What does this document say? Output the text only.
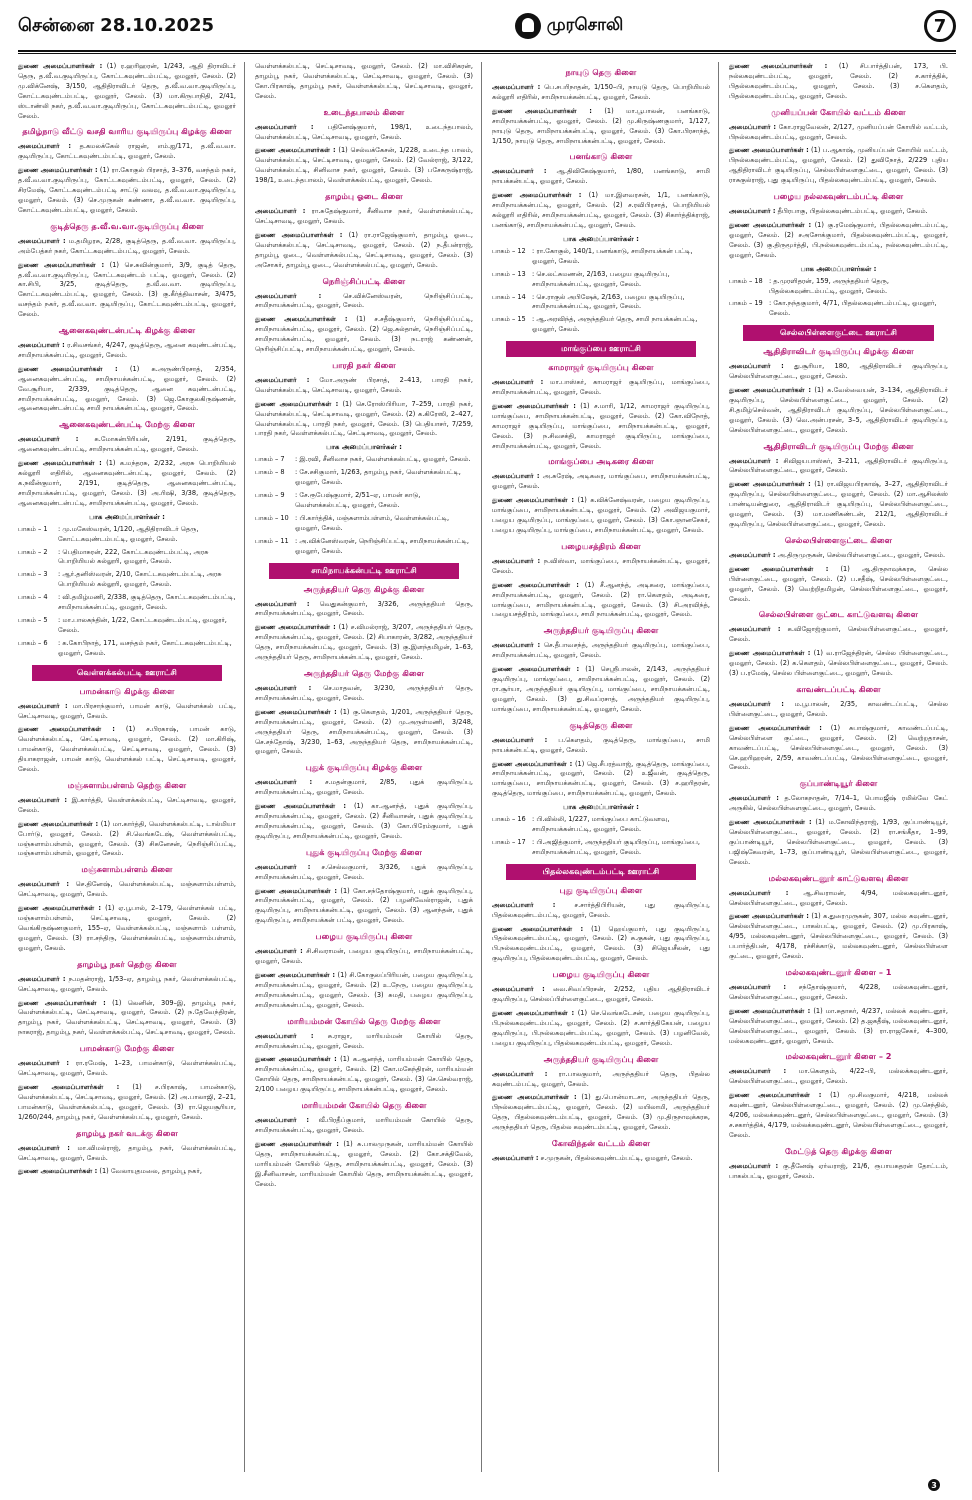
சென்னை 28.10.2025	முரசொலி	7

துணை அமைப்பாளர்கள் : (1) ர.ஹரிஹரன், 1/243, ஆதி திராவிடர் தெரு, த.வீ.வ.குடியிருப்பு, கோட்டகவுண்டம்பட்டி, ஓமலூர், சேலம். (2) மு.விக்னேஷ், 3/150, ஆதிதிராவிடர் தெரு, த.வீ.வ.வா.குடியிருப்பு, கோட்டகவுண்டம்பட்டி, ஓமலூர், சேலம். (3) மா.கிருபாநிதி, 2/41, ஸ்டாண்லி நகர், த.வீ.வ.வா.குடியிருப்பு, கோட்டகவுண்டம்பட்டி, ஓமலூர் சேலம்.

தமிழ்நாடு வீட்டு வசதி வாரிய குடியிருப்பு கிழக்கு கிளை

அமைப்பாளர் : த.கமலக்கேல் ராஜன், எம்.ஐ/171, த.வீ.வ.வா. குடியிருப்பு, கோட்டகவுண்டம்பட்டி, ஓமலூர், சேலம்.

துணை அமைப்பாளர்கள் : (1) ரா.கோகுல் பிரசாத், 3–376, வசந்தம் நகர், த.வீ.வ.வா.குடியிருப்பு, கோட்டகவுண்டம்பட்டி, ஓமலூர், சேலம். (2) சிரமேஷ், கோட்டகவுண்டம்பட்டி சாட்டு வலவு, த.வீ.வ.வா.குடியிருப்பு, ஓமலூர், சேலம். (3) செ.முருகன் கண்ணா, த.வீ.வ.வா. குடியிருப்பு, கோட்டகவுண்டம்பட்டி, ஓமலூர், சேலம்.

குடித்தெரு த.வீ.வ.வா.குடியிருப்பு கிளை

அமைப்பாளர் : ம.தமிழரசு, 2/28, குடித்தெரு, த.வீ.வ.வா. குடியிருப்பு, அம்பேத்கர் நகர், கோட்டகவுண்டம்பட்டி, ஓமலூர், சேலம்.

துணை அமைப்பாளர்கள் : (1) செ.சுவின்குமார், 3/9, குடித் தெரு, த.வீ.வ.வா.குடியிருப்பு, கோட்டகவுண்டம் பட்டி, ஓமலூர், சேலம். (2) கா.சிபி, 3/25, குடித்தெரு, த.வீ.வ.வா. குடியிருப்பு, கோட்டகவுண்டம்பட்டி, ஓமலூர், சேலம். (3) கு.கீர்த்திவாசன், 3/475, வசந்தம் நகர், த.வீ.வ.வா. குடியிருப்பு, கோட்டகவுண்டம்பட்டி, ஓமலூர், சேலம்.

ஆனைகவுண்டன்பட்டி கிழக்கு கிளை

அமைப்பாளர் : ர.சிவசங்கர், 4/247, குடித்தெரு, ஆனை கவுண்டன்பட்டி, சாமிநாயக்கன்பட்டி, ஓமலூர், சேலம்.

துணை அமைப்பாளர்கள் : (1) க.அருண்பிரசாத், 2/354, ஆனைகவுண்டன்பட்டி, சாமிநாயக்கன்பட்டி, ஓமலூர், சேலம். (2) வே.சூரியா, 2/339, குடித்தெரு, ஆனை கவுண்டன்பட்டி, சாமிநாயக்கன்பட்டி, ஓமலூர், சேலம். (3) ஜெ.கோகுலகிருஷ்ணன், ஆனைகவுண்டன்பட்டி சாமி நாயக்கன்பட்டி, ஓமலூர், சேலம்.

ஆனைகவுண்டன்பட்டி மேற்கு கிளை

அமைப்பாளர் : க.மோகன்பிரியன், 2/191, குடித்தெரு, ஆனைகவுண்டன்பட்டி, சாமிநாயக்கன்பட்டி, ஓமலூர், சேலம்.

துணை அமைப்பாளர்கள் : (1) க.மந்தரசு, 2/232, அரசு பொறியியல் கல்லூரி எதிரில், ஆனைகவுண்டன்பட்டி, ஓமலூர், சேலம். (2) க.நவீன்குமார், 2/191, குடித்தெரு, ஆனைகவுண்டன்பட்டி, சாமிநாயக்கன்பட்டி, ஓமலூர், சேலம். (3) அ.ரிஷி, 3/38, குடித்தெரு, ஆனைகவுண்டன்பட்டி, சாமிநாயக்கன்பட்டி, ஓமலூர், சேலம்.

பாக அமைப்பாளர்கள் :
பாகம் – 1	: மு.மகேஸ்வரன், 1/120, ஆதிதிராவிடர் தெரு, கோட்டகவுண்டம்பட்டி, ஓமலூர், சேலம்.
பாகம் – 2	: பெதிமாசுரன், 222, கோட்டகவுண்டம்பட்டி, அரசு பொறியியல் கல்லூரி, ஓமலூர், சேலம்.
பாகம் – 3	: ஆர்.தனிஸ்வரன், 2/10, கோட்டகவுண்டம்பட்டி, அரசு பொறியியல் கல்லூரி, ஓமலூர், சேலம்.
பாகம் – 4	: வி.தமிழ்மணி, 2/338, குடித்தெரு, கோட்டகவுண்டம்பட்டி, சாமிநாயக்கன்பட்டி, ஓமலூர், சேலம்.
பாகம் – 5	: மா.பாலசுந்தின், 1/22, கோட்டகவுண்டம்பட்டி, ஓமலூர், சேலம்.
பாகம் – 6	: க.கோபிநாத், 171, வசந்தம் நகர், கோட்டகவுண்டம்பட்டி, ஓமலூர், சேலம்.
வெள்ளக்கல்பட்டி ஊராட்சி
பாமன்காடு கிழக்கு கிளை

அமைப்பாளர் : மா.பிரசாந்குமார், பாமன் காடு, வெள்ளக்கல் பட்டி, செட்டிசாவடி, ஓமலூர், சேலம்.

துணை அமைப்பாளர்கள் : (1) ச.பிரகாஷ், பாமன் காடு, வெள்ளக்கல்பட்டி, செட்டிசாவடி, ஓமலூர், சேலம். (2) மா.கிரிஷ், பாமன்காடு, வெள்ளக்கல்பட்டி, செட்டிசாவடி, ஓமலூர், சேலம். (3) தியாகராஜன், பாமன் காடு, வெள்ளக்கல் பட்டி, செட்டிசாவடி, ஓமலூர், சேலம்.

மஞ்சுளாம்பள்ளம் தெற்கு கிளை

அமைப்பாளர் : இ.கார்த்தி, வெள்ளக்கல்பட்டி, செட்டிசாவடி, ஓமலூர், சேலம்.

துணை அமைப்பாளர்கள் : (1) மா.கார்த்தி, வெள்ளக்கல்பட்டி, டால்மியா போர்டு, ஓமலூர், சேலம். (2) சி.வெங்கடேஷ், வெள்ளக்கல்பட்டி, மஞ்சுளாம்பள்ளம், ஓமலூர், சேலம். (3) சிகனேசன், நெரிஞ்சிப்பட்டி, மஞ்சுளாம்பள்ளம், ஓமலூர், சேலம்.

மஞ்சுளாம்பள்ளம் கிளை

அமைப்பாளர் : செ.தினேஷ், வெள்ளக்கல்பட்டி, மஞ்சுளாம்பள்ளம், செட்டிசாவடி, ஓமலூர், சேலம்.

துணை அமைப்பாளர்கள் : (1) ஏ.பூபால், 2–179, வெள்ளக்கல் பட்டி, மஞ்சுளாம்பள்ளம், செட்டிசாவடி, ஓமலூர், சேலம். (2) வெங்கிருஷ்ணகுமார், 155–ஏ, வெள்ளக்கல்பட்டி, மஞ்சுளாம் பள்ளம், ஓமலூர், சேலம். (3) ரா.சந்திரு, வெள்ளக்கல்பட்டி, மஞ்சுளாம்பள்ளம், ஓமலூர், சேலம்.

தாழம்பூ நகர் தெற்கு கிளை

அமைப்பாளர் : ந.மதன்ராஜ், 1/53–ஏ, தாழம்பூ நகர், வெள்ளக்கல்பட்டி, செட்டிசாவடி, ஓமலூர், சேலம்.

துணை அமைப்பாளர்கள் : (1) லெனின், 309–இ, தாழம்பூ நகர், வெள்ளக்கல்பட்டி, செட்டிசாவடி, ஓமலூர், சேலம். (2) ந.தேவேந்திரன், தாழம்பூ நகர், வெள்ளக்கல்பட்டி, செட்டிசாவடி, ஓமலூர், சேலம். (3) நாகராஜ், தாழம்பூ நகர், வெள்ளக்கல்பட்டி, செட்டிசாவடி, ஓமலூர், சேலம்.

பாமன்காடு மேற்கு கிளை

அமைப்பாளர் : ரா.ரமேஷ், 1–23, பாமன்காடு, வெள்ளக்கல்பட்டி, செட்டிசாவடி, ஓமலூர், சேலம்.

துணை அமைப்பாளர்கள் : (1) ச.பிரகாஷ், பாமன்காடு, வெள்ளக்கல்பட்டி, செட்டிசாவடி, ஓமலூர், சேலம். (2) அ.பாலாஜி, 2–21, பாமன்காடு, வெள்ளக்கல்பட்டி, ஓமலூர், சேலம். (3) ரா.ஜெயசூரியா, 1/260/244, தாழம்பூ நகர், வெள்ளக்கல்பட்டி, ஓமலூர், சேலம்.

தாழம்பூ நகர் வடக்கு கிளை

அமைப்பாளர் : மா.விமல்ராஜ், தாழம்பூ நகர், வெள்ளக்கல்பட்டி, செட்டிசாவடி, ஓமலூர், சேலம்.

துணை அமைப்பாளர்கள் : (1) வேலாயுதமலை, தாழம்பூ நகர்,

வெள்ளக்கல்பட்டி, செட்டிசாவடி, ஓமலூர், சேலம். (2) மா.விசிகரன், தாழம்பூ நகர், வெள்ளக்கல்பட்டி, செட்டிசாவடி, ஓமலூர், சேலம். (3) கோ.பிரகாஷ், தாழம்பூ நகர், வெள்ளக்கல்பட்டி, செட்டிசாவடி, ஓமலூர், சேலம்.

உடைந்தபாலம் கிளை

அமைப்பாளர் : பதினேஷ்குமார், 198/1, உடைந்தபாலம், வெள்ளக்கல்பட்டி, செட்டிசாவடி, ஓமலூர், சேலம்.

துணை அமைப்பாளர்கள் : (1) செல்வக்கேசன், 1/228, உடைந்த பாலம், வெள்ளக்கல்பட்டி, செட்டிசாவடி, ஓமலூர், சேலம். (2) வேல்ராஜ், 3/122, வெள்ளக்கல்பட்டி, சினிவாச நகர், ஓமலூர், சேலம். (3) பசேகருஷ்ராஜ், 198/1, உடைந்தபாலம், வெள்ளக்கல்பட்டி, ஓமலூர், சேலம்.

தாழம்பு ஓடை கிளை

அமைப்பாளர் : ரா.சுதேஷ்குமார், சீனிவாச நகர், வெள்ளக்கல்பட்டி, செட்டிசாவடி, ஓமலூர், சேலம்.

துணை அமைப்பாளர்கள் : (1) ரா.ராஜேஷ்குமார், தாழம்பூ ஓடை, வெள்ளக்கல்பட்டி, செட்டிசாவடி, ஓமலூர், சேலம். (2) ந.தீபன்ராஜ், தாழம்பூ ஓடை, வெள்ளக்கல்பட்டி, செட்டிசாவடி, ஓமலூர், சேலம். (3) அசோகர், தாழம்பூ ஓடை, வெள்ளக்கல்பட்டி, ஓமலூர், சேலம்.

நெரிஞ்சிப்பட்டி கிளை

அமைப்பாளர் :	செ.விக்னேஸ்வரன், நெரிஞ்சிப்பட்டி, சாமிநாயக்கன்பட்டி, ஓமலூர், சேலம்.

துணை அமைப்பாளர்கள் : (1) ச.சதீஷ்குமார், நெரிஞ்சிப்பட்டி, சாமிநாயக்கன்பட்டி, ஓமலூர், சேலம். (2) ஜெ.சுல்தான், நெரிஞ்சிப்பட்டி, சாமிநாயக்கன்பட்டி, ஓமலூர், சேலம். (3) நடராஜ் கண்ணன், நெரிஞ்சிப்பட்டி, சாமிநாயக்கன்பட்டி, ஓமலூர், சேலம்.

பாரதி நகர் கிளை

அமைப்பாளர் : மோ.அருண் பிரசாத், 2–413, பாரதி நகர், வெள்ளக்கல்பட்டி, செட்டிசாவடி, ஓமலூர், சேலம்.

துணை அமைப்பாளர்கள் : (1) செ.ரோஸ்பிரியா, 7–259, பாரதி நகர், வெள்ளக்கல்பட்டி, செட்டிசாவடி, ஓமலூர், சேலம். (2) க.கிரேஸி, 2–427, வெள்ளக்கல்பட்டி, பாரதி நகர், ஓமலூர், சேலம். (3) பெதியாசர், 7/259, பாரதி நகர், வெள்ளக்கல்பட்டி, செட்டிசாவடி, ஓமலூர், சேலம்.

பாக அமைப்பாளர்கள் :
பாகம் – 7	: இ.ரவி, சீனிவாச நகர், வெள்ளக்கல்பட்டி, ஓமலூர், சேலம்.
பாகம் – 8	: சே.சசிகுமார், 1/263, தாழம்பூ நகர், வெள்ளக்கல்பட்டி, ஓமலூர், சேலம்.
பாகம் – 9	: சே.ரூபேஷ்குமார், 2/51–ஏ, பாமன் காடு, வெள்ளக்கல்பட்டி, ஓமலூர், சேலம்.
பாகம் – 10 : பி.கார்த்திக், மஞ்சுளாம்பள்ளம், வெள்ளக்கல்பட்டி, ஓமலூர், சேலம்.
பாகம் – 11 : அ.விக்னேஸ்வரன், நெரிஞ்சிப்பட்டி, சாமிநாயக்கன்பட்டி, ஓமலூர், சேலம்.
சாமிநாயக்கன்பட்டி ஊராட்சி
அருந்ததியர் தெரு கிழக்கு கிளை

அமைப்பாளர் : வெதுகன்குமார், 3/326, அருந்ததியர் தெரு, சாமிநாயக்கன்பட்டி, ஓமலூர், சேலம்.

துணை அமைப்பாளர்கள் : (1) ச.விமல்ராஜ், 3/207, அருந்ததியர் தெரு, சாமிநாயக்கன்பட்டி, ஓமலூர், சேலம். (2) சிபாகாரன், 3/282, அருந்ததியர் தெரு, சாமிநாயக்கன்பட்டி, ஓமலூர், சேலம். (3) கு.இளந்தமிழன், 1–63, அருந்ததியர் தெரு, சாமிநாயக்கன்பட்டி, ஓமலூர், சேலம்.

அருந்ததியர் தெரு மேற்கு கிளை

அமைப்பாளர் : செ.மாதவன், 3/230, அருந்ததியர் தெரு, சாமிநாயக்கன்பட்டி, ஓமலூர், சேலம்.

துணை அமைப்பாளர்கள் : (1) கு.கௌதம், 1/201, அருந்ததியர் தெரு, சாமிநாயக்கன்பட்டி, ஓமலூர், சேலம். (2) மு.அருள்மணி, 3/248, அருந்ததியர் தெரு, சாமிநாயக்கன்பட்டி, ஓமலூர், சேலம். (3) செ.சந்தோஷ், 3/230, 1–63, அருந்ததியர் தெரு, சாமிநாயக்கன்பட்டி, ஓமலூர், சேலம்.

புதுக் குடியிருப்பு கிழக்கு கிளை

அமைப்பாளர் : ச.மதன்குமார், 2/85, புதுக் குடியிருப்பு, சாமிநாயக்கன்பட்டி, ஓமலூர், சேலம்.

துணை அமைப்பாளர்கள் : (1) கா.ஆனந்த், புதுக் குடியிருப்பு, சாமிநாயக்கன்பட்டி, ஓமலூர், சேலம். (2) சீனிவாசன், புதுக் குடியிருப்பு, சாமிநாயக்கன்பட்டி, ஓமலூர், சேலம். (3) கோ.பிரேம்குமார், புதுக் குடியிருப்பு, சாமிநாயக்கன்பட்டி, ஓமலூர், சேலம்.

புதுக் குடியிருப்பு மேற்கு கிளை

அமைப்பாளர் : ச.செல்வகுமார், 3/326, புதுக் குடியிருப்பு, சாமிநாயக்கன்பட்டி, ஓமலூர், சேலம்.

துணை அமைப்பாளர்கள் : (1) கோ.சந்தோஷ்குமார், புதுக் குடியிருப்பு, சாமிநாயக்கன்பட்டி, ஓமலூர், சேலம். (2) பழனிவேல்ராஜன், புதுக் குடியிருப்பு, சாமிநாயக்கன்பட்டி, ஓமலூர், சேலம். (3) ஆனந்தன், புதுக் குடியிருப்பு, சாமிநாயக்கன் பட்டி, ஓமலூர், சேலம்.

பழைய குடியிருப்பு கிளை

அமைப்பாளர் : சி.சிவராமன், பழைய குடியிருப்பு, சாமிநாயக்கன்பட்டி, ஓமலூர், சேலம்.

துணை அமைப்பாளர்கள் : (1) சி.கோகுலப்பிரியன், பழைய குடியிருப்பு, சாமிநாயக்கன்பட்டி, ஓமலூர், சேலம். (2) உ.நேரு, பழைய குடியிருப்பு, சாமிநாயக்கன்பட்டி, ஓமலூர், சேலம். (3) சுமதி, பழைய குடியிருப்பு, சாமிநாயக்கன்பட்டி, ஓமலூர், சேலம்.

மாரியம்மன் கோயில் தெரு மேற்கு கிளை

அமைப்பாளர் : சு.ராஜா, மாரியம்மன் கோயில் தெரு, சாமிநாயக்கன்பட்டி, ஓமலூர், சேலம்.

துணை அமைப்பாளர்கள் : (1) க.ஆனந்த், மாரியம்மன் கோயில் தெரு, சாமிநாயக்கன்பட்டி, ஓமலூர், சேலம். (2) கோ.மகேந்திரன், மாரியம்மன் கோயில் தெரு, சாமிநாயக்கன்பட்டி, ஓமலூர், சேலம். (3) செ.செல்வராஜ், 2/100 பழைய குடியிருப்பு, சாமிநாயக்கன்பட்டி, ஓமலூர், சேலம்.

மாரியம்மன் கோயில் தெரு கிளை

அமைப்பாளர் : வீ.பிரதீப்குமார், மாரியம்மன் கோயில் தெரு, சாமிநாயக்கன்பட்டி, ஓமலூர், சேலம்.

துணை அமைப்பாளர்கள் : (1) சு.பாலமுருகன், மாரியம்மன் கோயில் தெரு, சாமிநாயக்கன்பட்டி, ஓமலூர், சேலம். (2) கோ.சக்திவேல், மாரியம்மன் கோயில் தெரு, சாமிநாயக்கன்பட்டி, ஓமலூர், சேலம். (3) இ.சீனிவாசன், மாரியம்மன் கோயில் தெரு, சாமிநாயக்கன்பட்டி, ஓமலூர், சேலம்.

நாயுடு தெரு கிளை

அமைப்பாளர் : பெ.சபரிநாதன், 1/150–பி, நாயுடு தெரு, பொறியியல் கல்லூரி எதிரில், சாமிநாயக்கன்பட்டி, ஓமலூர், சேலம்.

துணை அமைப்பாளர்கள் : (1) மா.பூபாலன், பனங்காடு, சாமிநாயக்கன்பட்டி, ஓமலூர், சேலம். (2) மு.கிருஷ்ணகுமார், 1/127, நாயுடு தெரு, சாமிநாயக்கன்பட்டி, ஓமலூர், சேலம். (3) கோ.பிரசாந்த், 1/150, நாயுடு தெரு, சாமிநாயக்கன்பட்டி, ஓமலூர், சேலம்.

பனங்காடு கிளை

அமைப்பாளர் : ஆ.திவிகேஷ்குமார், 1/80, பனங்காடு, சாமி நாயக்கன்பட்டி, ஓமலூர், சேலம்.

துணை அமைப்பாளர்கள் : (1) மா.இளவரசன், 1/1, பனங்காடு, சாமிநாயக்கன்பட்டி, ஓமலூர், சேலம். (2) ச.ரவிபிரசாத், பொறியியல் கல்லூரி எதிரில், சாமிநாயக்கன்பட்டி, ஓமலூர், சேலம். (3) சிகார்த்திக்ராஜ், பனங்காடு, சாமிநாயக்கன்பட்டி, ஓமலூர், சேலம்.

பாக அமைப்பாளர்கள் :
பாகம் – 12 : ரா.கோகுல், 140/1, பனங்காடு, சாமிநாயக்கன் பட்டி, ஓமலூர், சேலம்.
பாகம் – 13 : செ.லட்சுமணன், 2/163, பழைய குடியிருப்பு, சாமிநாயக்கன்பட்டி, ஓமலூர், சேலம்.
பாகம் – 14 : செ.ராகுல் அபிஷேக், 2/163, பழைய குடியிருப்பு, சாமிநாயக்கன்பட்டி, ஓமலூர், சேலம்.
பாகம் – 15 : ஆ.அரவிந்த், அருந்ததியர் தெரு, சாமி நாயக்கன்பட்டி, ஓமலூர், சேலம்.
மாங்குப்பை ஊராட்சி
காமராஜர் குடியிருப்பு கிளை

அமைப்பாளர் : மா.பாஸ்கர், காமராஜர் குடியிருப்பு, மாங்குப்பை, சாமிநாயக்கன்பட்டி, ஓமலூர், சேலம்.

துணை அமைப்பாளர்கள் : (1) ச.மாரி, 1/12, காமராஜர் குடியிருப்பு, மாங்குப்பை, சாமிநாயக்கன்பட்டி, ஓமலூர், சேலம். (2) கோ.விநோத், காமராஜர் குடியிருப்பு, மாங்குப்பை, சாமிநாயக்கன்பட்டி, ஓமலூர், சேலம். (3) ந.சிவசக்தி, காமராஜர் குடியிருப்பு, மாங்குப்பை, சாமிநாயக்கன்பட்டி, ஓமலூர், சேலம்.

மாங்குப்பை அடிகரை கிளை

அமைப்பாளர் : அ.சுரேஷ், அடிகரை, மாங்குப்பை, சாமிநாயக்கன்பட்டி, ஓமலூர், சேலம்.

துணை அமைப்பாளர்கள் : (1) க.விக்னேஷ்வரன், பழைய குடியிருப்பு, மாங்குப்பை, சாமிநாயக்கன்பட்டி, ஓமலூர், சேலம். (2) அவிஜயகுமார், பழைய குடியிருப்பு, மாங்குப்பை, ஓமலூர், சேலம். (3) கோ.ஞானசேகர், பழைய குடியிருப்பு, மாங்குப்பை, சாமிநாயக்கன்பட்டி, ஓமலூர், சேலம்.

பழையசத்திரம் கிளை

அமைப்பாளர் : ந.விஸ்வா, மாங்குப்பை, சாமிநாயக்கன்பட்டி, ஓமலூர், சேலம்.

துணை அமைப்பாளர்கள் : (1) சீ.ஆனந்த், அடிகரை, மாங்குப்பை, சாமிநாயக்கன்பட்டி, ஓமலூர், சேலம். (2) ரா.கௌதம், அடிகரை, மாங்குப்பை, சாமிநாயக்கன்பட்டி, ஓமலூர், சேலம். (3) சி.அரவிந்த், பழையசத்திரம், மாங்குப்பை, சாமி நாயக்கன்பட்டி, ஓமலூர், சேலம்.

அருந்ததியர் குடியிருப்பு கிளை

அமைப்பாளர் : செ.தீபாவசந்த், அருந்ததியர் குடியிருப்பு, மாங்குப்பை, சாமிநாயக்கன்பட்டி, ஓமலூர், சேலம்.

துணை அமைப்பாளர்கள் : (1) செஸ்ரீபாலன், 2/143, அருந்ததியர் குடியிருப்பு, மாங்குப்பை, சாமிநாயக்கன்பட்டி, ஓமலூர், சேலம். (2) ரா.சூர்யா, அருந்ததியர் குடியிருப்பு, மாங்குப்பை, சாமிநாயக்கன்பட்டி, ஓமலூர், சேலம். (3) து.சிவப்ரசாத், அருந்ததியர் குடியிருப்பு, மாங்குப்பை, சாமிநாயக்கன்பட்டி, ஓமலூர், சேலம்.

குடித்தெரு கிளை

அமைப்பாளர் : ப.கௌதம், குடித்தெரு, மாங்குப்பை, சாமி நாயக்கன்பட்டி, ஓமலூர், சேலம்.

துணை அமைப்பாளர்கள் : (1) ஜெ.சீபரத்வாஜ், குடித்தெரு, மாங்குப்பை, சாமிநாயக்கன்பட்டி, ஓமலூர், சேலம். (2) உஜீவன், குடித்தெரு, மாங்குப்பை, சாமிநாயக்கன்பட்டி, ஓமலூர், சேலம். (3) ச.ஹரிதரன், குடித்தெரு, மாங்குப்பை, சாமிநாயக்கன்பட்டி, ஓமலூர், சேலம்.

பாக அமைப்பாளர்கள் :
பாகம் – 16 : பி.வில்லி, 1/227, மாங்குப்பை காட்டுவளவு, சாமிநாயக்கன்பட்டி, ஓமலூர், சேலம்.
பாகம் – 17 : பி.அஜித்குமார், அருந்ததியர் குடியிருப்பு, மாங்குப்பை, சாமிநாயக்கன்பட்டி, ஓமலூர், சேலம்.
பிதல்லகவுண்டம்பட்டி ஊராட்சி
புது குடியிருப்பு கிளை

அமைப்பாளர் :	ச.சார்த்திபிரியன், புது குடியிருப்பு, பிதல்லகவுண்டம்பட்டி, ஓமலூர், சேலம்.

துணை அமைப்பாளர்கள் : (1) ஹெய்குமார், புது குடியிருப்பு, பிதல்லகவுண்டம்பட்டி, ஓமலூர், சேலம். (2) சு.குகன், புது குடியிருப்பு, பி.நல்லகவுண்டம்பட்டி, ஓமலூர், சேலம். (3) சிஜெயசீலன், புது குடியிருப்பு, பிதல்லகவுண்டம்பட்டி, ஓமலூர், சேலம்.

பழைய குடியிருப்பு கிளை

அமைப்பாளர் : வை.சிவப்பிரசன், 2/252, புதிய ஆதிதிராவிடர் குடியிருப்பு, செல்லப்பிள்ளைகுட்டை, ஓமலூர், சேலம்.

துணை அமைப்பாளர்கள் : (1) செ.வெங்கடேசன், பழைய குடியிருப்பு, பி.நல்லகவுண்டம்பட்டி, ஓமலூர், சேலம். (2) ச.கார்த்திகேயன், பழைய குடியிருப்பு, பி.நல்லகவுண்டம்பட்டி, ஓமலூர், சேலம். (3) பழனிவேல், பழைய குடியிருப்பு, பிதல்லகவுண்டம்பட்டி, ஓமலூர், சேலம்.

அருந்ததியர் குடியிருப்பு கிளை

அமைப்பாளர் : ரா.பாலகுமார், அருந்ததியர் தெரு, பிதல்ல கவுண்டம்பட்டி, ஓமலூர், சேலம்.

துணை அமைப்பாளர்கள் : (1) து.பொன்மாடசா, அருந்ததியர் தெரு, பிநல்லகவுண்டம்பட்டி, ஓமலூர், சேலம். (2) மயிலாமி, அருந்ததியர் தெரு, பிதல்லகவுண்டம்பட்டி, ஓமலூர், சேலம். (3) மு.திருநாவுக்கரசு, அருந்ததியர் தெரு, பிதல்ல கவுண்டம்பட்டி, ஓமலூர், சேலம்.

கோவிந்தன் வட்டம் கிளை

அமைப்பாளர் : ச.முருகன், பிதல்லகவுண்டம்பட்டி, ஓமலூர், சேலம்.

துணை அமைப்பாளர்கள் : (1) சி.பார்த்திபன், 173, பி. நல்லகவுண்டம்பட்டி, ஓமலூர், சேலம். (2) ச.கார்த்திக், பிதல்லகவுண்டம்பட்டி, ஓமலூர், சேலம். (3) ச.கௌதம், பிதல்லகவுண்டம்பட்டி, ஓமலூர், சேலம்.

முனியப்பன் கோயில் வட்டம் கிளை

அமைப்பாளர் : கோ.ராஜவேலன், 2/127, முனியப்பன் கோயில் வட்டம், பிநல்லகவுண்டம்பட்டி, ஓமலூர், சேலம்.

துணை அமைப்பாளர்கள் : (1) ப.ஆகாஷ், முனியப்பன் கோயில் வட்டம், பிநல்லகவுண்டம்பட்டி, ஓமலூர், சேலம். (2) துவிநோத், 2/229 புதிய ஆதிதிராவிடர் குடியிருப்பு, செல்லபிள்ளைகுட்டை, ஓமலூர், சேலம். (3) ராசுகுல்ராஜ், புது குடியிருப்பு, பிதல்லகவுண்டம்பட்டி, ஓமலூர், சேலம்.

பழைய நல்லகவுண்டம்பட்டி கிளை

அமைப்பாளர் : தீபிரபாகு, பிதல்லகவுண்டம்பட்டி, ஓமலூர், சேலம்.

துணை அமைப்பாளர்கள் : (1) கு.ரமேஷ்குமார், பிதல்லகவுண்டம்பட்டி, ஓமலூர், சேலம். (2) சஅசோக்குமார், பிதல்லகவுண்டம்பட்டி, ஓமலூர், சேலம். (3) கு.திருமூர்த்தி, பி.நல்லகவுண்டம்பட்டி, நல்லகவுண்டம்பட்டி, ஓமலூர், சேலம்.

பாக அமைப்பாளர்கள் :
பாகம் – 18 : த.முரளிதரன், 159, அருந்ததியர் தெரு, பிதல்லகவுண்டம்பட்டி, ஓமலூர், சேலம்.
பாகம் – 19 : கோ.நந்தகுமார், 4/71, பிதல்லகவுண்டம்பட்டி, ஓமலூர், சேலம்.
செல்லபிள்ளைகுட்டை ஊராட்சி
ஆதிதிராவிடர் குடியிருப்பு கிழக்கு கிளை

அமைப்பாளர் : து.சூரியா, 180, ஆதிதிராவிடர் குடியிருப்பு, செல்லபிள்ளைகுட்டை, ஓமலூர், சேலம்.

துணை அமைப்பாளர்கள் : (1) சு.வேல்வையன், 3–134, ஆதிதிராவிடர் குடியிருப்பு, செல்லபிள்ளைகுட்டை, ஓமலூர், சேலம். (2) சி.தமிழ்செல்வன், ஆதிதிராவிடர் குடியிருப்பு, செல்லபிள்ளைகுட்டை, ஓமலூர், சேலம். (3) வெ.அன்பரசன், 3–5, ஆதிதிராவிடர் குடியிருப்பு, செல்லபிள்ளைகுட்டை, ஓமலூர், சேலம்.

ஆதிதிராவிடர் குடியிருப்பு மேற்கு கிளை

அமைப்பாளர் : சிவிஜயபாஸ்கர், 3–211, ஆதிதிராவிடர் குடியிருப்பு, செல்லபிள்ளைகுட்டை, ஓமலூர், சேலம்.

துணை அமைப்பாளர்கள் : (1) ரா.விஜயபிரகாஷ், 3–27, ஆதிதிராவிடர் குடியிருப்பு, செல்லபிள்ளைகுட்டை, ஓமலூர், சேலம். (2) மா.ஆசிலக்ஸ் பாண்டியன்துரை, ஆதிதிராவிடர் குடியிருப்பு, செல்லபிள்ளைகுட்டை, ஓமலூர், சேலம். (3) மா.மணிகண்டன், 212/1, ஆதிதிராவிடர் குடியிருப்பு, செல்லபிள்ளைகுட்டை, ஓமலூர், சேலம்.

செல்லபிள்ளைகுட்டை கிளை

அமைப்பாளர் : அ.திருமுருகன், செல்லபிள்ளைகுட்டை, ஓமலூர், சேலம்.

துணை அமைப்பாளர்கள் : (1) ஆ.திருநாவுக்கரசு, செல்ல பிள்ளைகுட்டை, ஓமலூர், சேலம். (2) ப.சதீஷ், செல்லபிள்ளைகுட்டை, ஓமலூர், சேலம். (3) வெற்றிதமிழன், செல்லபிள்ளைகுட்டை, ஓமலூர், சேலம்.

செல்லபிள்ளை குட்டை காட்டுவளவு கிளை

அமைப்பாளர் : க.விஜோஜ்குமார், செல்லபிள்ளைகுட்டை, ஓமலூர், சேலம்.

துணை அமைப்பாளர்கள் : (1) வ.ராஜேந்திரன், செல்ல பிள்ளைகுட்டை, ஓமலூர், சேலம். (2) க.கௌதம், செல்லபிள்ளைகுட்டை, ஓமலூர், சேலம். (3) ப.ரமேஷ், செல்ல பிள்ளைகுட்டை, ஓமலூர், சேலம்.

காவண்டப்பட்டி கிளை

அமைப்பாளர் : ம.பூபாலன், 2/35, காவண்டப்பட்டி, செல்ல பிள்ளைகுட்டை, ஓமலூர், சேலம்.

துணை அமைப்பாளர்கள் : (1) சுபாஷ்குமார், காவண்டப்பட்டி, செல்லபிள்ளை குட்டை, ஓமலூர், சேலம். (2) வெற்றதாசன், காவண்டப்பட்டி, செல்லபிள்ளைகுட்டை, ஓமலூர், சேலம். (3) செ.ஹரிஹரன், 2/59, காவண்டப்பட்டி, செல்லபிள்ளைகுட்டை, ஓமலூர், சேலம்.

குப்பாண்டியூர் கிளை

அமைப்பாளர் : த.லோகநாதன், 7/14–1, பொமஜீஷ் ரமில்வே கேட் அருகில், செல்லபிள்ளைகுட்டை, ஓமலூர், சேலம்.

துணை அமைப்பாளர்கள் : (1) ம.கோவிந்தராஜ், 1/93, குப்பாண்டியூர், செல்லபிள்ளைகுட்டை, ஓமலூர், சேலம். (2) ரா.சங்கீதா, 1–99, குப்பாண்டியூர், செல்லபிள்ளைகுட்டை, ஓமலூர், சேலம். (3) பஜிஷ்கேவரன், 1–73, குப்பாண்டியூர், செல்லபிள்ளைகுட்டை, ஓமலூர், சேலம்.

மல்லகவுண்டனூர் காட்டுவளவு கிளை

அமைப்பாளர் : ஆ.சிவராமன், 4/94, மல்லகவுண்டனூர், செல்லபிள்ளைகுட்டை, ஓமலூர், சேலம்.

துணை அமைப்பாளர்கள் : (1) க.துரைமுருகன், 307, மல்ல கவுண்டனூர், செல்லபிள்ளைகுட்டை, பாகல்பட்டி, ஓமலூர், சேலம். (2) மு.பிரகாஷ், 4/95, மல்லகவுண்டனூர், செல்லபிள்ளைகுட்டை, ஓமலூர், சேலம். (3) பபார்த்திபன், 4/178, ரச்சிக்காடு, மல்லகவுண்டனூர், செல்லபிள்ளை குட்டை, ஓமலூர், சேலம்.

மல்லகவுண்டனூர் கிளை – 1

அமைப்பாளர் : சந்தோஷ்குமார், 4/228, மல்லகவுண்டனூர், செல்லபிள்ளைகுட்டை, ஓமலூர், சேலம்.

துணை அமைப்பாளர்கள் : (1) மா.சுதாகர், 4/237, மல்லக் கவுண்டனூர், செல்லபிள்ளைகுட்டை, ஓமலூர், சேலம். (2) த.ஜகதீஷ், மல்லகவுண்டனூர், செல்லபிள்ளைகுட்டை, ஓமலூர், சேலம். (3) ரா.ராஜசேகர், 4–300, மல்லகவுண்டனூர், ஓமலூர், சேலம்.

மல்லகவுண்டனூர் கிளை – 2

அமைப்பாளர் : மா.கௌதம், 4/22–பி, மல்லக்கவுண்டனூர், செல்லபிள்ளைகுட்டை, ஓமலூர், சேலம்.

துணை அமைப்பாளர்கள் : (1) மு.சிவகுமார், 4/218, மல்லக் கவுண்டனூர், செல்லபிள்ளைகுட்டை, ஓமலூர், சேலம். (2) மு.செந்தில், 4/206, மல்லக்கவுண்டனூர், செல்லபிள்ளைகுட்டை, ஓமலூர், சேலம். (3) ச.சகார்த்திக், 4/179, மல்லக்கவுண்டனூர், செல்லபிள்ளைகுட்டை, ஓமலூர், சேலம்.

மேட்டுத் தெரு கிழக்கு கிளை

அமைப்பாளர் : கு.தீனேஷ் ஏர்வராஜ், 21/6, ரூபாயகதரன் தோட்டம், பாகல்பட்டி, ஓமலூர், சேலம்.

3
